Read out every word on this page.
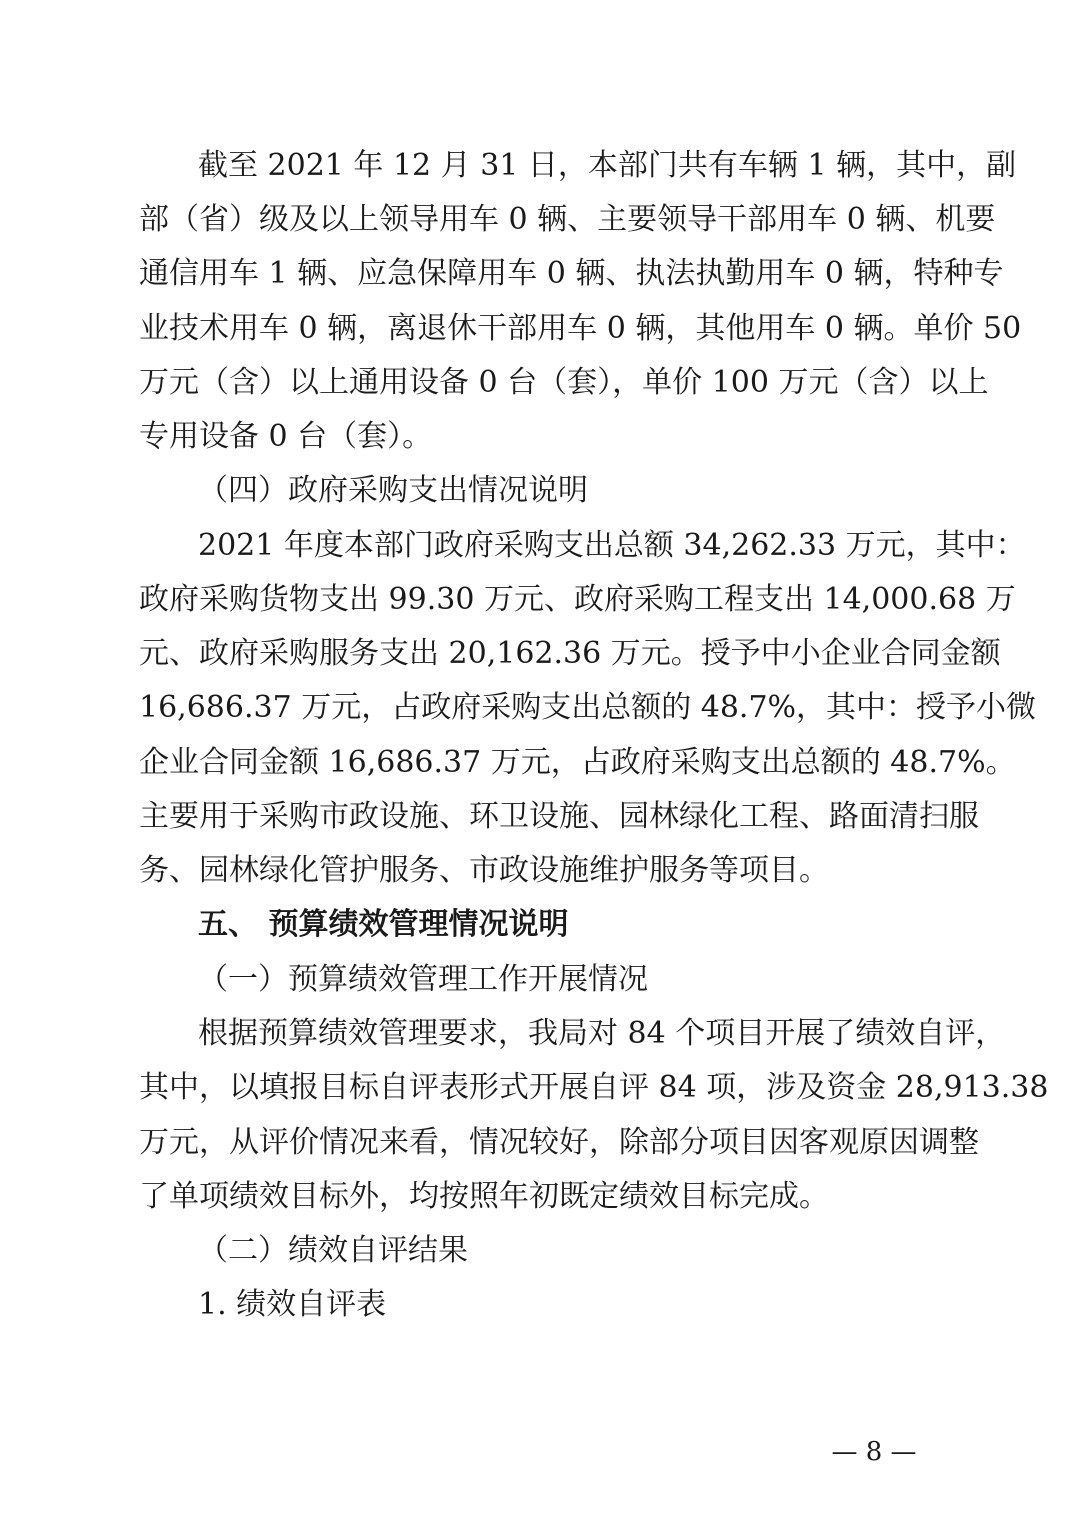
截至 2021 年 12 月 31 日，本部门共有车辆 1 辆，其中，副
部（省）级及以上领导用车 0 辆、主要领导干部用车 0 辆、机要
通信用车 1 辆、应急保障用车 0 辆、执法执勤用车 0 辆，特种专
业技术用车 0 辆，离退休干部用车 0 辆，其他用车 0 辆。单价 50
万元（含）以上通用设备 0 台（套），单价 100 万元（含）以上
专用设备 0 台（套）。
（四）政府采购支出情况说明
2021 年度本部门政府采购支出总额 34,262.33 万元，其中：
政府采购货物支出 99.30 万元、政府采购工程支出 14,000.68 万
元、政府采购服务支出 20,162.36 万元。授予中小企业合同金额
16,686.37 万元，占政府采购支出总额的 48.7%，其中：授予小微
企业合同金额 16,686.37 万元，占政府采购支出总额的 48.7%。
主要用于采购市政设施、环卫设施、园林绿化工程、路面清扫服
务、园林绿化管护服务、市政设施维护服务等项目。
五、 预算绩效管理情况说明
（一）预算绩效管理工作开展情况
根据预算绩效管理要求，我局对 84 个项目开展了绩效自评，
其中，以填报目标自评表形式开展自评 84 项，涉及资金 28,913.38
万元，从评价情况来看，情况较好，除部分项目因客观原因调整
了单项绩效目标外，均按照年初既定绩效目标完成。
（二）绩效自评结果
1. 绩效自评表
— 8 —
